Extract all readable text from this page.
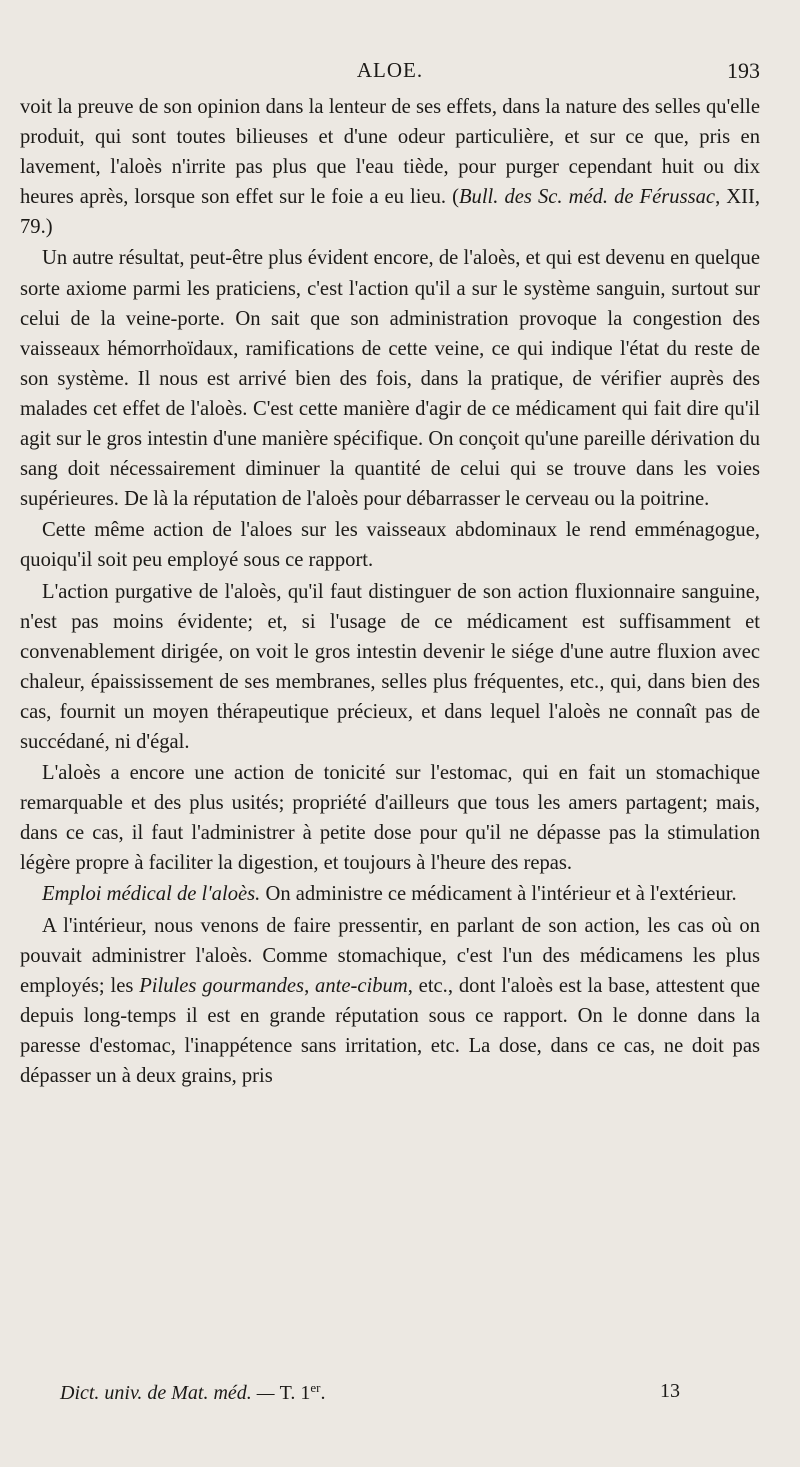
ALOE.	193

voit la preuve de son opinion dans la lenteur de ses effets, dans la nature des selles qu'elle produit, qui sont toutes bilieuses et d'une odeur particulière, et sur ce que, pris en lavement, l'aloès n'irrite pas plus que l'eau tiède, pour purger cependant huit ou dix heures après, lorsque son effet sur le foie a eu lieu. (Bull. des Sc. méd. de Férussac, XII, 79.)

Un autre résultat, peut-être plus évident encore, de l'aloès, et qui est devenu en quelque sorte axiome parmi les praticiens, c'est l'action qu'il a sur le système sanguin, surtout sur celui de la veine-porte. On sait que son administration provoque la congestion des vaisseaux hémorrhoïdaux, ramifications de cette veine, ce qui indique l'état du reste de son système. Il nous est arrivé bien des fois, dans la pratique, de vérifier auprès des malades cet effet de l'aloès. C'est cette manière d'agir de ce médicament qui fait dire qu'il agit sur le gros intestin d'une manière spécifique. On conçoit qu'une pareille dérivation du sang doit nécessairement diminuer la quantité de celui qui se trouve dans les voies supérieures. De là la réputation de l'aloès pour débarrasser le cerveau ou la poitrine.

Cette même action de l'aloes sur les vaisseaux abdominaux le rend emménagogue, quoiqu'il soit peu employé sous ce rapport.

L'action purgative de l'aloès, qu'il faut distinguer de son action fluxionnaire sanguine, n'est pas moins évidente; et, si l'usage de ce médicament est suffisamment et convenablement dirigée, on voit le gros intestin devenir le siége d'une autre fluxion avec chaleur, épaississement de ses membranes, selles plus fréquentes, etc., qui, dans bien des cas, fournit un moyen thérapeutique précieux, et dans lequel l'aloès ne connaît pas de succédané, ni d'égal.

L'aloès a encore une action de tonicité sur l'estomac, qui en fait un stomachique remarquable et des plus usités; propriété d'ailleurs que tous les amers partagent; mais, dans ce cas, il faut l'administrer à petite dose pour qu'il ne dépasse pas la stimulation légère propre à faciliter la digestion, et toujours à l'heure des repas.

Emploi médical de l'aloès. On administre ce médicament à l'intérieur et à l'extérieur.

A l'intérieur, nous venons de faire pressentir, en parlant de son action, les cas où on pouvait administrer l'aloès. Comme stomachique, c'est l'un des médicamens les plus employés; les Pilules gourmandes, ante-cibum, etc., dont l'aloès est la base, attestent que depuis long-temps il est en grande réputation sous ce rapport. On le donne dans la paresse d'estomac, l'inappétence sans irritation, etc. La dose, dans ce cas, ne doit pas dépasser un à deux grains, pris

Dict. univ. de Mat. méd. — T. 1er.	13
